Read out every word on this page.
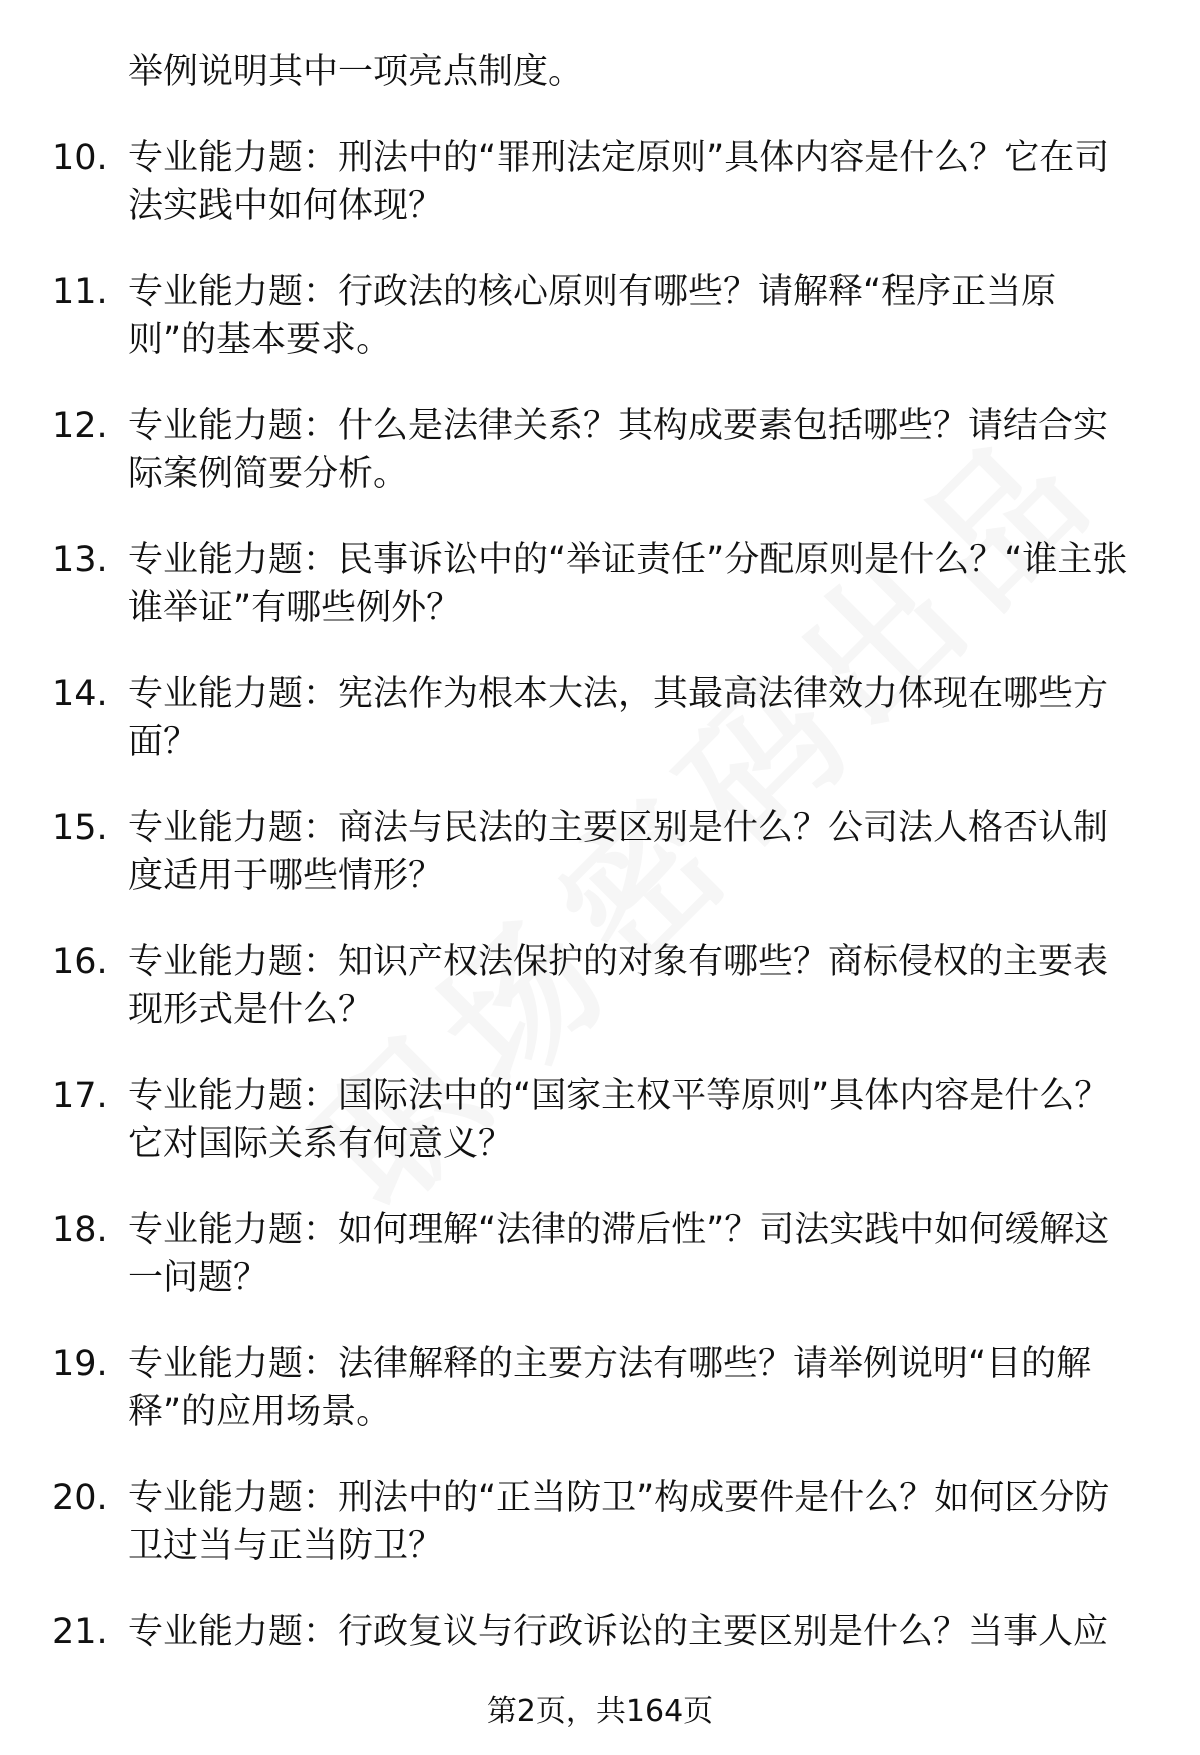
举例说明其中一项亮点制度。
10. 专业能力题：刑法中的“罪刑法定原则”具体内容是什么？它在司法实践中如何体现？
11. 专业能力题：行政法的核心原则有哪些？请解释“程序正当原则”的基本要求。
12. 专业能力题：什么是法律关系？其构成要素包括哪些？请结合实际案例简要分析。
13. 专业能力题：民事诉讼中的“举证责任”分配原则是什么？“谁主张谁举证”有哪些例外？
14. 专业能力题：宪法作为根本大法，其最高法律效力体现在哪些方面？
15. 专业能力题：商法与民法的主要区别是什么？公司法人格否认制度适用于哪些情形？
16. 专业能力题：知识产权法保护的对象有哪些？商标侵权的主要表现形式是什么？
17. 专业能力题：国际法中的“国家主权平等原则”具体内容是什么？它对国际关系有何意义？
18. 专业能力题：如何理解“法律的滞后性”？司法实践中如何缓解这一问题？
19. 专业能力题：法律解释的主要方法有哪些？请举例说明“目的解释”的应用场景。
20. 专业能力题：刑法中的“正当防卫”构成要件是什么？如何区分防卫过当与正当防卫？
21. 专业能力题：行政复议与行政诉讼的主要区别是什么？当事人应
第2页，共164页
